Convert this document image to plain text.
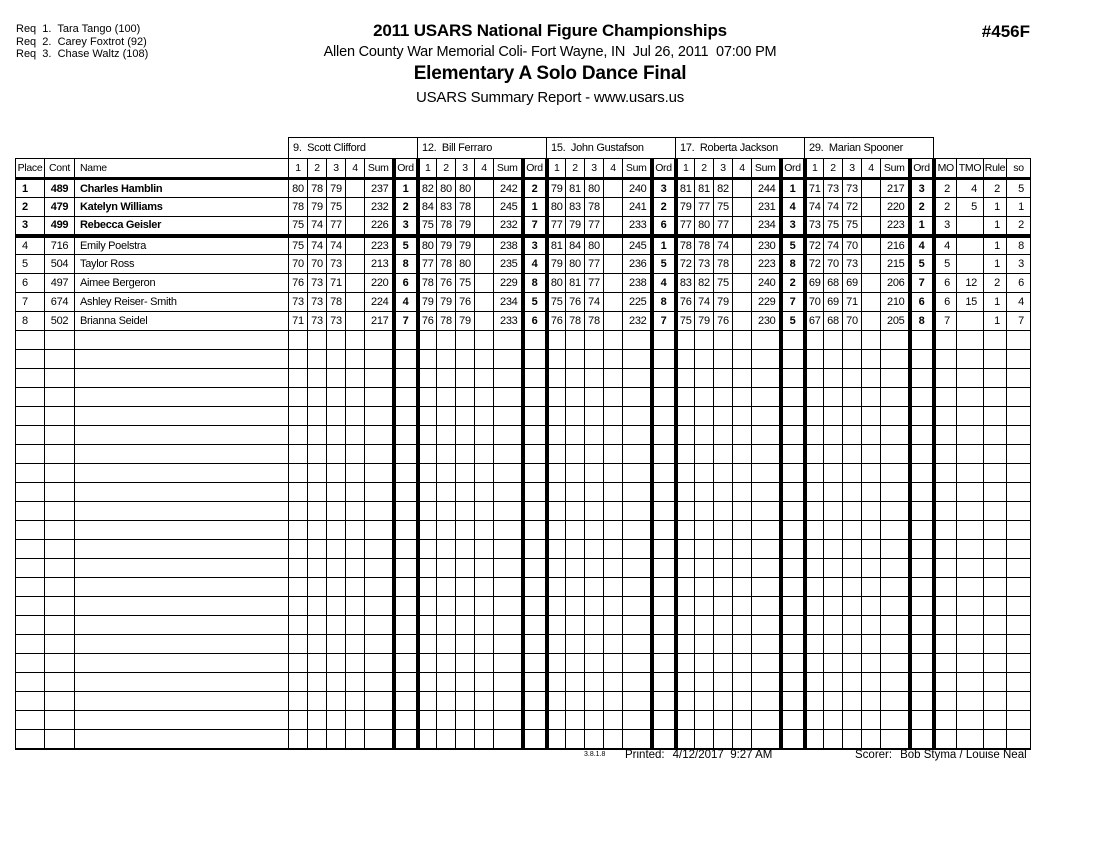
Req  1.  Tara Tango (100)
Req  2.  Carey Foxtrot (92)
Req  3.  Chase Waltz (108)
2011 USARS National Figure Championships	#456F
Allen County War Memorial Coli- Fort Wayne, IN  Jul 26, 2011  07:00 PM
Elementary A Solo Dance Final
USARS Summary Report - www.usars.us
			9.  Scott Clifford						12.  Bill Ferraro						15.  John Gustafson						17.  Roberta Jackson						29.  Marian Spooner									
Place	Cont	Name	1	2	3	4	Sum	Ord	1	2	3	4	Sum	Ord	1	2	3	4	Sum	Ord	1	2	3	4	Sum	Ord	1	2	3	4	Sum	Ord	MO	TMO	Rule	so
1	489	Charles Hamblin	80	78	79		237	1	82	80	80		242	2	79	81	80		240	3	81	81	82		244	1	71	73	73		217	3	2	4	2	5
2	479	Katelyn Williams	78	79	75		232	2	84	83	78		245	1	80	83	78		241	2	79	77	75		231	4	74	74	72		220	2	2	5	1	1
3	499	Rebecca Geisler	75	74	77		226	3	75	78	79		232	7	77	79	77		233	6	77	80	77		234	3	73	75	75		223	1	3		1	2
4	716	Emily Poelstra	75	74	74		223	5	80	79	79		238	3	81	84	80		245	1	78	78	74		230	5	72	74	70		216	4	4		1	8
5	504	Taylor Ross	70	70	73		213	8	77	78	80		235	4	79	80	77		236	5	72	73	78		223	8	72	70	73		215	5	5		1	3
6	497	Aimee Bergeron	76	73	71		220	6	78	76	75		229	8	80	81	77		238	4	83	82	75		240	2	69	68	69		206	7	6	12	2	6
7	674	Ashley Reiser- Smith	73	73	78		224	4	79	79	76		234	5	75	76	74		225	8	76	74	79		229	7	70	69	71		210	6	6	15	1	4
8	502	Brianna Seidel	71	73	73		217	7	76	78	79		233	6	76	78	78		232	7	75	79	76		230	5	67	68	70		205	8	7		1	7

3.8.1.8 Printed: 4/12/2017  9:27 AM	Scorer: Bob Styma / Louise Neal
